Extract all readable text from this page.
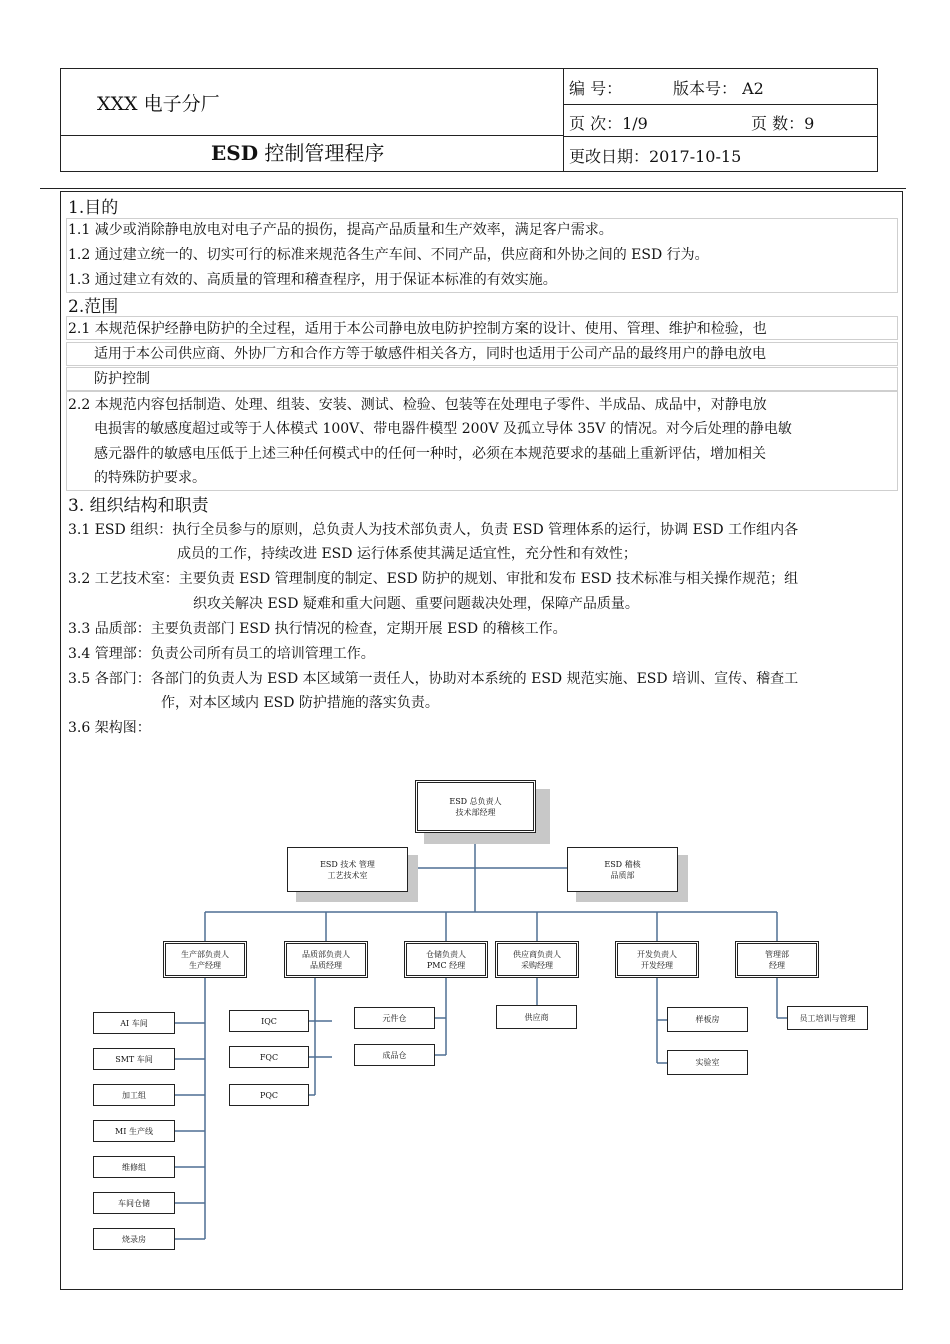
XXX 电子分厂
ESD 控制管理程序
编 号：	版本号： A2
页 次：1/9	页 数：9
更改日期：2017-10-15
1.目的
1.1 减少或消除静电放电对电子产品的损伤，提高产品质量和生产效率，满足客户需求。
1.2 通过建立统一的、切实可行的标准来规范各生产车间、不同产品，供应商和外协之间的 ESD 行为。
1.3 通过建立有效的、高质量的管理和稽查程序，用于保证本标准的有效实施。
2.范围
2.1 本规范保护经静电防护的全过程，适用于本公司静电放电防护控制方案的设计、使用、管理、维护和检验，也
适用于本公司供应商、外协厂方和合作方等于敏感件相关各方，同时也适用于公司产品的最终用户的静电放电
防护控制
2.2 本规范内容包括制造、处理、组装、安装、测试、检验、包装等在处理电子零件、半成品、成品中，对静电放
电损害的敏感度超过或等于人体模式 100V、带电器件模型 200V 及孤立导体 35V 的情况。对今后处理的静电敏
感元器件的敏感电压低于上述三种任何模式中的任何一种时，必须在本规范要求的基础上重新评估，增加相关
的特殊防护要求。
3. 组织结构和职责
3.1 ESD 组织：执行全员参与的原则，总负责人为技术部负责人，负责 ESD 管理体系的运行，协调 ESD 工作组内各
成员的工作，持续改进 ESD 运行体系使其满足适宜性，充分性和有效性；
3.2 工艺技术室：主要负责 ESD 管理制度的制定、ESD 防护的规划、审批和发布 ESD 技术标准与相关操作规范；组
织攻关解决 ESD 疑难和重大问题、重要问题裁决处理，保障产品质量。
3.3 品质部：主要负责部门 ESD 执行情况的检查，定期开展 ESD 的稽核工作。
3.4 管理部：负责公司所有员工的培训管理工作。
3.5 各部门：各部门的负责人为 ESD 本区域第一责任人，协助对本系统的 ESD 规范实施、ESD 培训、宣传、稽查工
作，对本区域内 ESD 防护措施的落实负责。
3.6 架构图：
ESD 总负责人
技术部经理
ESD 技术 管理
工艺技术室
ESD 稽核
品质部
生产部负责人
生产经理
品质部负责人
品质经理
仓储负责人
PMC 经理
供应商负责人
采购经理
开发负责人
开发经理
管理部
经理
AI 车间
SMT 车间
加工组
MI 生产线
维修组
车间仓储
烧录房
IQC
FQC
PQC
元件仓
成品仓
供应商	样板房
实验室
员工培训与管理
